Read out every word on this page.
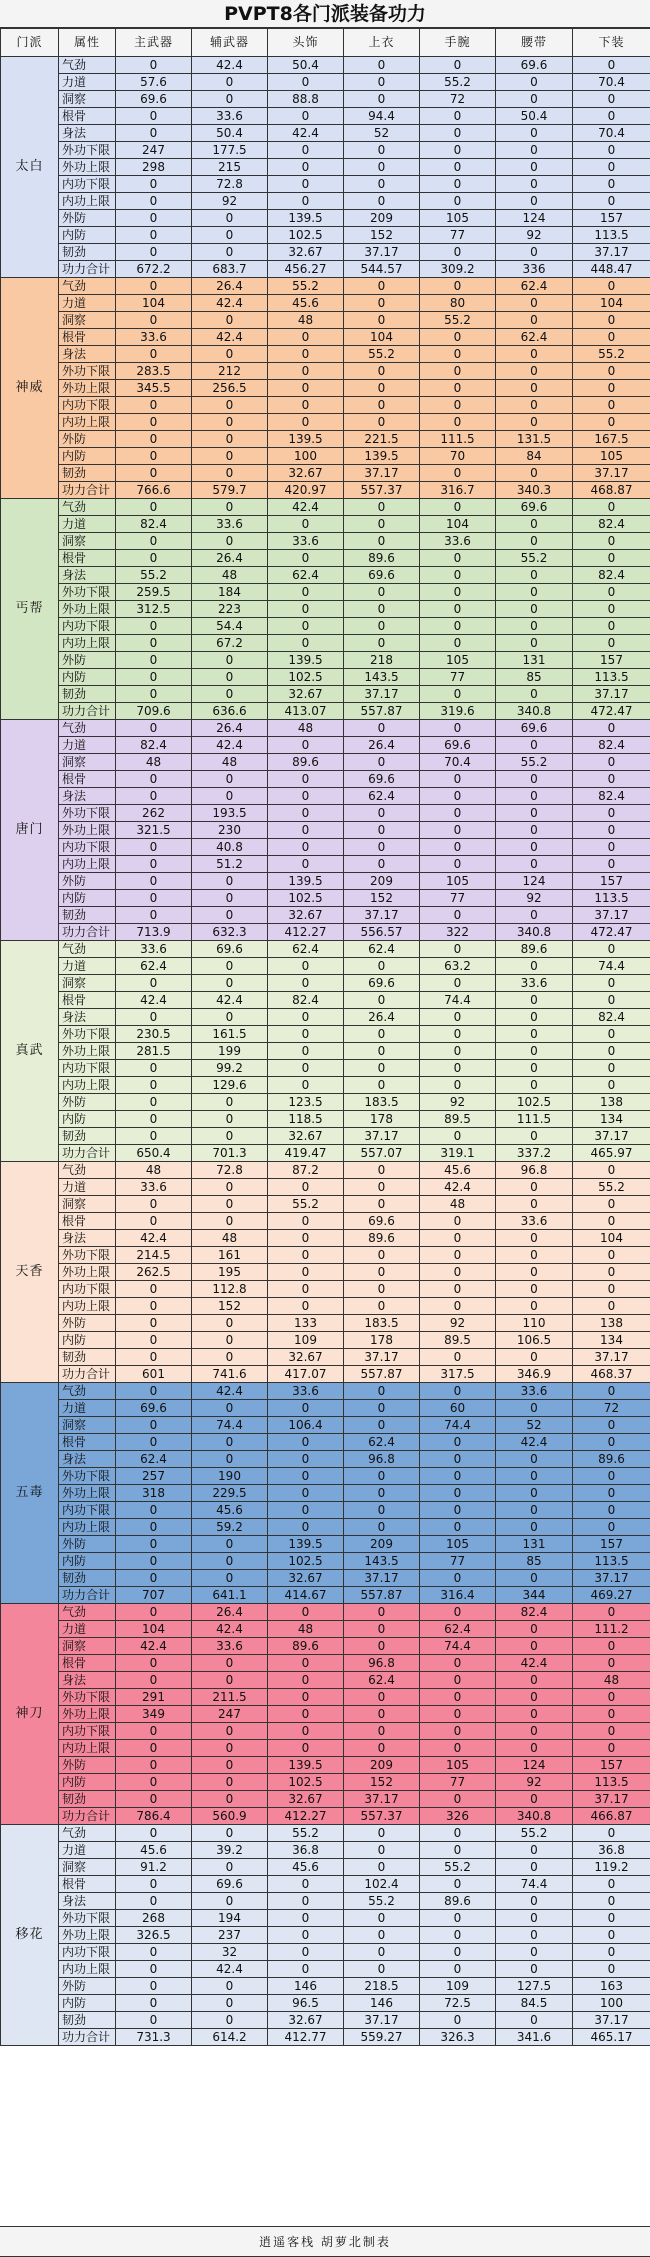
PVPT8各门派装备功力
门派	属性	主武器	辅武器	头饰	上衣	手腕	腰带	下装
太白	气劲	0	42.4	50.4	0	0	69.6	0
	力道	57.6	0	0	0	55.2	0	70.4
	洞察	69.6	0	88.8	0	72	0	0
	根骨	0	33.6	0	94.4	0	50.4	0
	身法	0	50.4	42.4	52	0	0	70.4
	外功下限	247	177.5	0	0	0	0	0
	外功上限	298	215	0	0	0	0	0
	内功下限	0	72.8	0	0	0	0	0
	内功上限	0	92	0	0	0	0	0
	外防	0	0	139.5	209	105	124	157
	内防	0	0	102.5	152	77	92	113.5
	韧劲	0	0	32.67	37.17	0	0	37.17
	功力合计	672.2	683.7	456.27	544.57	309.2	336	448.47
神威	气劲	0	26.4	55.2	0	0	62.4	0
	力道	104	42.4	45.6	0	80	0	104
	洞察	0	0	48	0	55.2	0	0
	根骨	33.6	42.4	0	104	0	62.4	0
	身法	0	0	0	55.2	0	0	55.2
	外功下限	283.5	212	0	0	0	0	0
	外功上限	345.5	256.5	0	0	0	0	0
	内功下限	0	0	0	0	0	0	0
	内功上限	0	0	0	0	0	0	0
	外防	0	0	139.5	221.5	111.5	131.5	167.5
	内防	0	0	100	139.5	70	84	105
	韧劲	0	0	32.67	37.17	0	0	37.17
	功力合计	766.6	579.7	420.97	557.37	316.7	340.3	468.87
丐帮	气劲	0	0	42.4	0	0	69.6	0
	力道	82.4	33.6	0	0	104	0	82.4
	洞察	0	0	33.6	0	33.6	0	0
	根骨	0	26.4	0	89.6	0	55.2	0
	身法	55.2	48	62.4	69.6	0	0	82.4
	外功下限	259.5	184	0	0	0	0	0
	外功上限	312.5	223	0	0	0	0	0
	内功下限	0	54.4	0	0	0	0	0
	内功上限	0	67.2	0	0	0	0	0
	外防	0	0	139.5	218	105	131	157
	内防	0	0	102.5	143.5	77	85	113.5
	韧劲	0	0	32.67	37.17	0	0	37.17
	功力合计	709.6	636.6	413.07	557.87	319.6	340.8	472.47
唐门	气劲	0	26.4	48	0	0	69.6	0
	力道	82.4	42.4	0	26.4	69.6	0	82.4
	洞察	48	48	89.6	0	70.4	55.2	0
	根骨	0	0	0	69.6	0	0	0
	身法	0	0	0	62.4	0	0	82.4
	外功下限	262	193.5	0	0	0	0	0
	外功上限	321.5	230	0	0	0	0	0
	内功下限	0	40.8	0	0	0	0	0
	内功上限	0	51.2	0	0	0	0	0
	外防	0	0	139.5	209	105	124	157
	内防	0	0	102.5	152	77	92	113.5
	韧劲	0	0	32.67	37.17	0	0	37.17
	功力合计	713.9	632.3	412.27	556.57	322	340.8	472.47
真武	气劲	33.6	69.6	62.4	62.4	0	89.6	0
	力道	62.4	0	0	0	63.2	0	74.4
	洞察	0	0	0	69.6	0	33.6	0
	根骨	42.4	42.4	82.4	0	74.4	0	0
	身法	0	0	0	26.4	0	0	82.4
	外功下限	230.5	161.5	0	0	0	0	0
	外功上限	281.5	199	0	0	0	0	0
	内功下限	0	99.2	0	0	0	0	0
	内功上限	0	129.6	0	0	0	0	0
	外防	0	0	123.5	183.5	92	102.5	138
	内防	0	0	118.5	178	89.5	111.5	134
	韧劲	0	0	32.67	37.17	0	0	37.17
	功力合计	650.4	701.3	419.47	557.07	319.1	337.2	465.97
天香	气劲	48	72.8	87.2	0	45.6	96.8	0
	力道	33.6	0	0	0	42.4	0	55.2
	洞察	0	0	55.2	0	48	0	0
	根骨	0	0	0	69.6	0	33.6	0
	身法	42.4	48	0	89.6	0	0	104
	外功下限	214.5	161	0	0	0	0	0
	外功上限	262.5	195	0	0	0	0	0
	内功下限	0	112.8	0	0	0	0	0
	内功上限	0	152	0	0	0	0	0
	外防	0	0	133	183.5	92	110	138
	内防	0	0	109	178	89.5	106.5	134
	韧劲	0	0	32.67	37.17	0	0	37.17
	功力合计	601	741.6	417.07	557.87	317.5	346.9	468.37
五毒	气劲	0	42.4	33.6	0	0	33.6	0
	力道	69.6	0	0	0	60	0	72
	洞察	0	74.4	106.4	0	74.4	52	0
	根骨	0	0	0	62.4	0	42.4	0
	身法	62.4	0	0	96.8	0	0	89.6
	外功下限	257	190	0	0	0	0	0
	外功上限	318	229.5	0	0	0	0	0
	内功下限	0	45.6	0	0	0	0	0
	内功上限	0	59.2	0	0	0	0	0
	外防	0	0	139.5	209	105	131	157
	内防	0	0	102.5	143.5	77	85	113.5
	韧劲	0	0	32.67	37.17	0	0	37.17
	功力合计	707	641.1	414.67	557.87	316.4	344	469.27
神刀	气劲	0	26.4	0	0	0	82.4	0
	力道	104	42.4	48	0	62.4	0	111.2
	洞察	42.4	33.6	89.6	0	74.4	0	0
	根骨	0	0	0	96.8	0	42.4	0
	身法	0	0	0	62.4	0	0	48
	外功下限	291	211.5	0	0	0	0	0
	外功上限	349	247	0	0	0	0	0
	内功下限	0	0	0	0	0	0	0
	内功上限	0	0	0	0	0	0	0
	外防	0	0	139.5	209	105	124	157
	内防	0	0	102.5	152	77	92	113.5
	韧劲	0	0	32.67	37.17	0	0	37.17
	功力合计	786.4	560.9	412.27	557.37	326	340.8	466.87
移花	气劲	0	0	55.2	0	0	55.2	0
	力道	45.6	39.2	36.8	0	0	0	36.8
	洞察	91.2	0	45.6	0	55.2	0	119.2
	根骨	0	69.6	0	102.4	0	74.4	0
	身法	0	0	0	55.2	89.6	0	0
	外功下限	268	194	0	0	0	0	0
	外功上限	326.5	237	0	0	0	0	0
	内功下限	0	32	0	0	0	0	0
	内功上限	0	42.4	0	0	0	0	0
	外防	0	0	146	218.5	109	127.5	163
	内防	0	0	96.5	146	72.5	84.5	100
	韧劲	0	0	32.67	37.17	0	0	37.17
	功力合计	731.3	614.2	412.77	559.27	326.3	341.6	465.17
逍遥客栈 胡萝北制表
